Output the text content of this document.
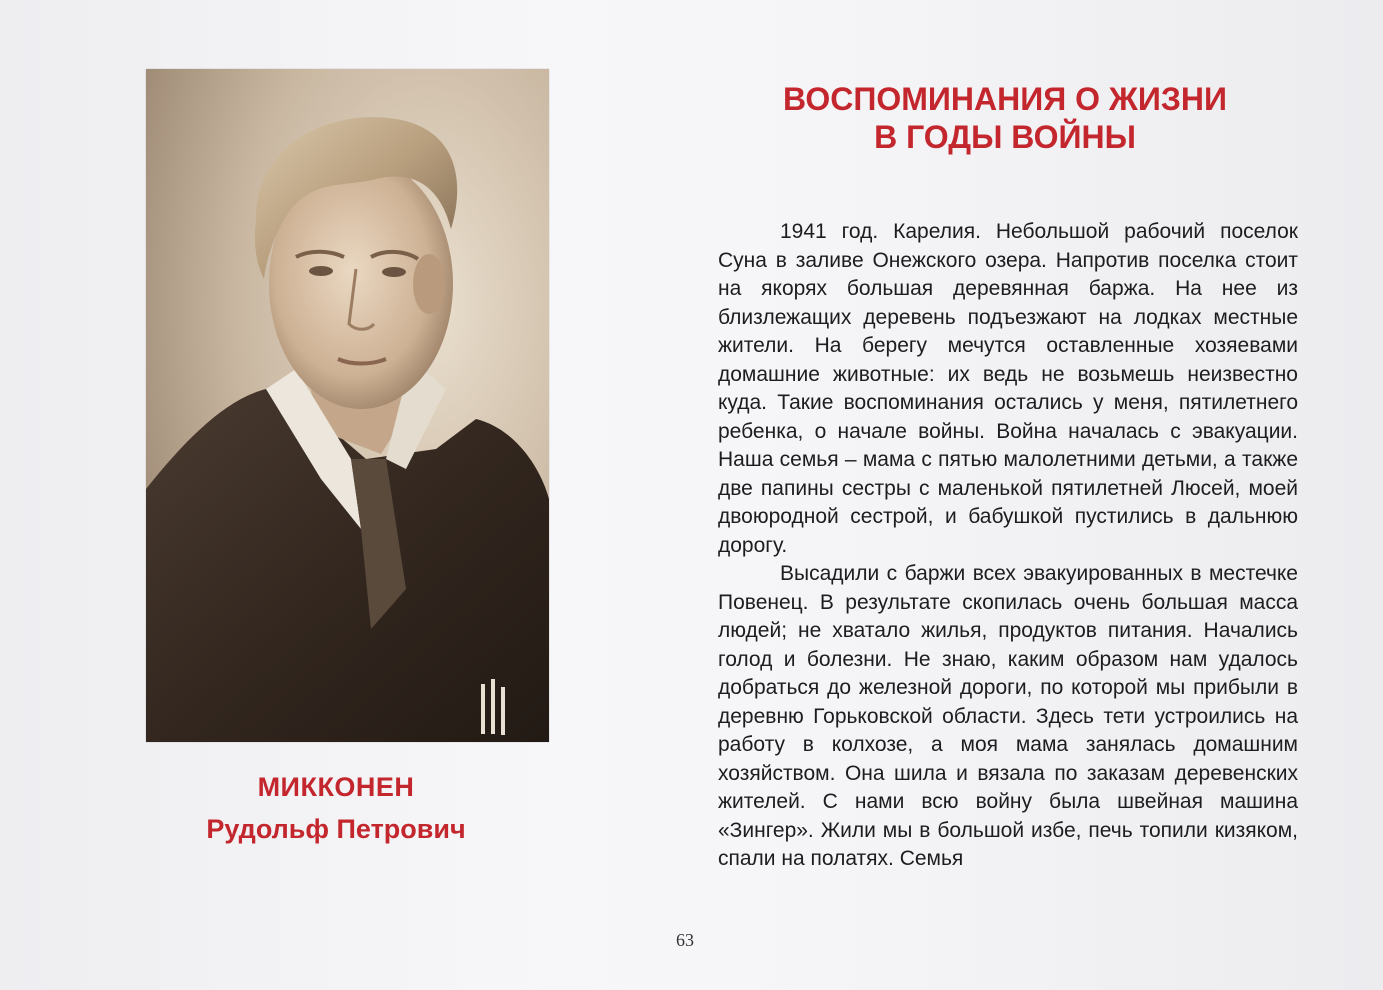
МИККОНЕН

Рудольф Петрович

ВОСПОМИНАНИЯ О ЖИЗНИ
В ГОДЫ ВОЙНЫ

1941 год. Карелия. Небольшой рабочий поселок Суна в заливе Онежского озера. Напротив поселка стоит на якорях большая деревянная баржа. На нее из близлежащих деревень подъезжают на лодках местные жители. На берегу мечутся оставленные хозяевами домашние животные: их ведь не возьмешь неизвестно куда. Такие воспоминания остались у меня, пятилетнего ребенка, о начале войны. Война началась с эвакуации. Наша семья – мама с пятью малолетними детьми, а также две папины сестры с маленькой пятилетней Люсей, моей двоюродной сестрой, и бабушкой пустились в дальнюю дорогу.

Высадили с баржи всех эвакуированных в местечке Повенец. В результате скопилась очень большая масса людей; не хватало жилья, продуктов питания. Начались голод и болезни. Не знаю, каким образом нам удалось добраться до железной дороги, по которой мы прибыли в деревню Горьковской области. Здесь тети устроились на работу в колхозе, а моя мама занялась домашним хозяйством. Она шила и вязала по заказам деревенских жителей. С нами всю войну была швейная машина «Зингер». Жили мы в большой избе, печь топили кизяком, спали на полатях. Семья

63
